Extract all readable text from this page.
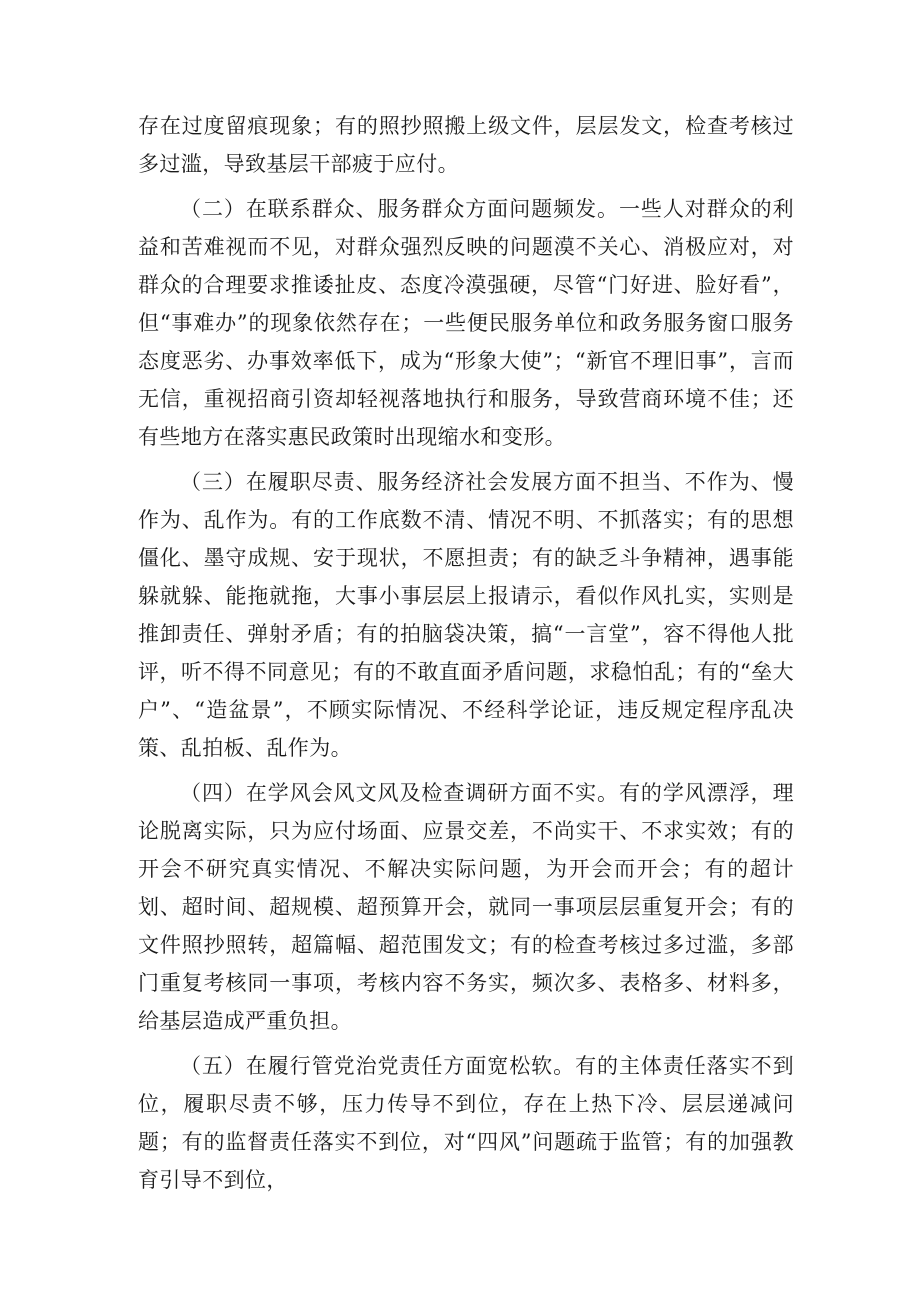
存在过度留痕现象；有的照抄照搬上级文件，层层发文，检查考核过多过滥，导致基层干部疲于应付。

（二）在联系群众、服务群众方面问题频发。一些人对群众的利益和苦难视而不见，对群众强烈反映的问题漠不关心、消极应对，对群众的合理要求推诿扯皮、态度冷漠强硬，尽管“门好进、脸好看”，但“事难办”的现象依然存在；一些便民服务单位和政务服务窗口服务态度恶劣、办事效率低下，成为“形象大使”；“新官不理旧事”，言而无信，重视招商引资却轻视落地执行和服务，导致营商环境不佳；还有些地方在落实惠民政策时出现缩水和变形。

（三）在履职尽责、服务经济社会发展方面不担当、不作为、慢作为、乱作为。有的工作底数不清、情况不明、不抓落实；有的思想僵化、墨守成规、安于现状，不愿担责；有的缺乏斗争精神，遇事能躲就躲、能拖就拖，大事小事层层上报请示，看似作风扎实，实则是推卸责任、弹射矛盾；有的拍脑袋决策，搞“一言堂”，容不得他人批评，听不得不同意见；有的不敢直面矛盾问题，求稳怕乱；有的“垒大户”、“造盆景”，不顾实际情况、不经科学论证，违反规定程序乱决策、乱拍板、乱作为。

（四）在学风会风文风及检查调研方面不实。有的学风漂浮，理论脱离实际，只为应付场面、应景交差，不尚实干、不求实效；有的开会不研究真实情况、不解决实际问题，为开会而开会；有的超计划、超时间、超规模、超预算开会，就同一事项层层重复开会；有的文件照抄照转，超篇幅、超范围发文；有的检查考核过多过滥，多部门重复考核同一事项，考核内容不务实，频次多、表格多、材料多，给基层造成严重负担。

（五）在履行管党治党责任方面宽松软。有的主体责任落实不到位，履职尽责不够，压力传导不到位，存在上热下冷、层层递减问题；有的监督责任落实不到位，对“四风”问题疏于监管；有的加强教育引导不到位，
